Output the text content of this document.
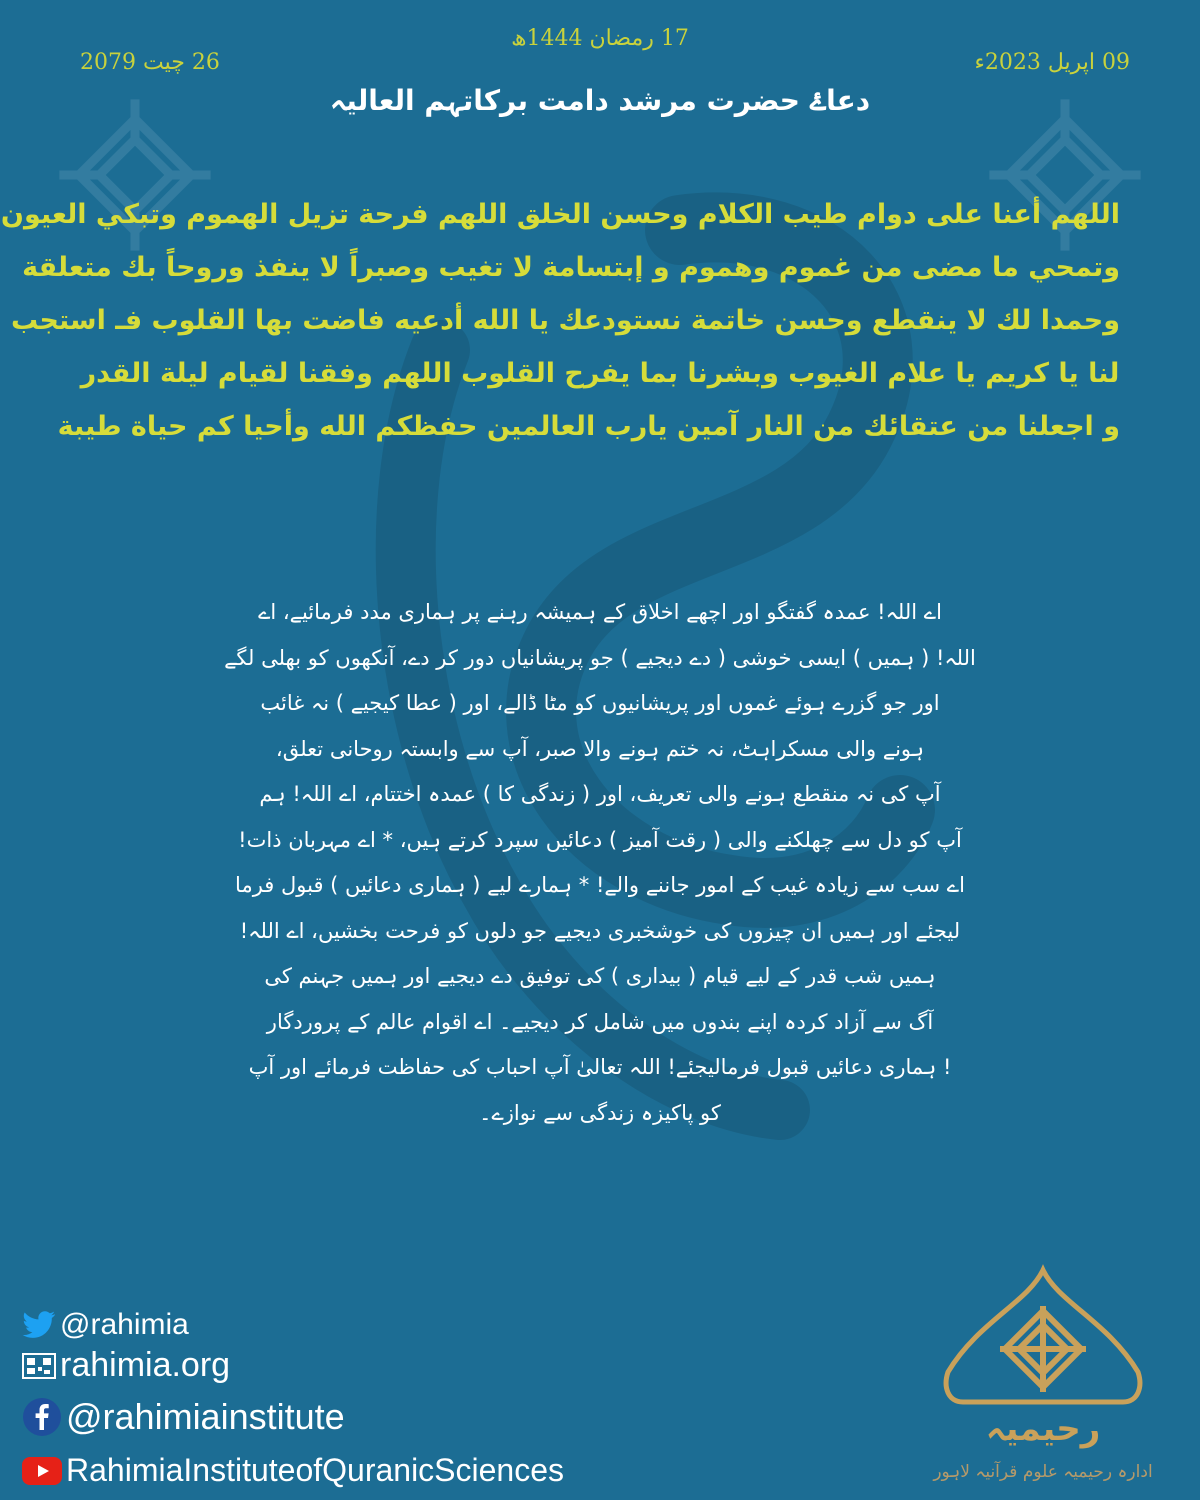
17 رمضان 1444ھ
26 چیت 2079	09 اپریل 2023ء
دعاۓ حضرت مرشد دامت برکاتہم العالیہ
اللهم أعنا على دوام طيب الكلام وحسن الخلق اللهم فرحة تزيل الهموم وتبكي العيون
وتمحي ما مضى من غموم وهموم و إبتسامة لا تغيب وصبراً لا ينفذ وروحاً بك متعلقة
وحمدا لك لا ينقطع وحسن خاتمة نستودعك يا الله أدعيه فاضت بها القلوب فـ استجب
لنا يا كريم يا علام الغيوب وبشرنا بما يفرح القلوب اللهم وفقنا لقيام ليلة القدر
و اجعلنا من عتقائك من النار آمين يارب العالمين حفظكم الله وأحيا كم حياة طيبة
اے اللہ! عمدہ گفتگو اور اچھے اخلاق کے ہمیشہ رہنے پر ہماری مدد فرمائیے، اے
اللہ! ( ہمیں ) ایسی خوشی ( دے دیجیے ) جو پریشانیاں دور کر دے، آنکھوں کو بھلی لگے
اور جو گزرے ہوئے غموں اور پریشانیوں کو مٹا ڈالے، اور ( عطا کیجیے ) نہ غائب
ہونے والی مسکراہٹ، نہ ختم ہونے والا صبر، آپ سے وابستہ روحانی تعلق،
آپ کی نہ منقطع ہونے والی تعریف، اور ( زندگی کا ) عمدہ اختتام، اے اللہ! ہم
آپ کو دل سے چھلکنے والی ( رقت آمیز ) دعائیں سپرد کرتے ہیں، * اے مہربان ذات!
اے سب سے زیادہ غیب کے امور جاننے والے! * ہمارے لیے ( ہماری دعائیں ) قبول فرما
لیجئے اور ہمیں ان چیزوں کی خوشخبری دیجیے جو دلوں کو فرحت بخشیں، اے اللہ!
ہمیں شب قدر کے لیے قیام ( بیداری ) کی توفیق دے دیجیے اور ہمیں جہنم کی
آگ سے آزاد کردہ اپنے بندوں میں شامل کر دیجیے۔ اے اقوام عالم کے پروردگار
! ہماری دعائیں قبول فرمالیجئے! اللہ تعالیٰ آپ احباب کی حفاظت فرمائے اور آپ
کو پاکیزہ زندگی سے نوازے۔
@rahimia
rahimia.org
@rahimiainstitute
RahimiaInstituteofQuranicSciences
رحیمیہ
ادارہ رحیمیہ علوم قرآنیہ لاہور
